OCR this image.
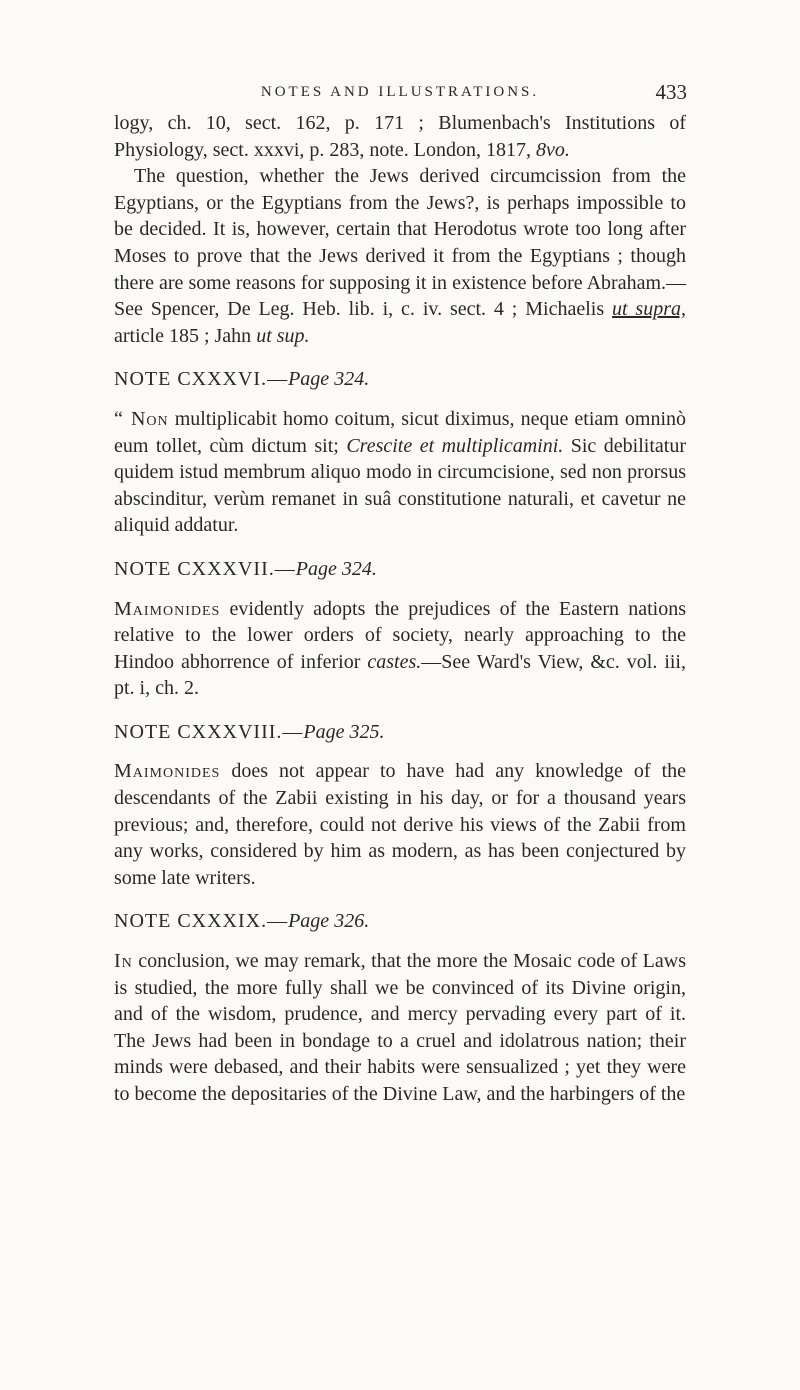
NOTES AND ILLUSTRATIONS.	433

logy, ch. 10, sect. 162, p. 171 ; Blumenbach's Institutions of Physiology, sect. xxxvi, p. 283, note. London, 1817, 8vo.

The question, whether the Jews derived circumcission from the Egyptians, or the Egyptians from the Jews?, is perhaps impossible to be decided. It is, however, certain that Herodotus wrote too long after Moses to prove that the Jews derived it from the Egyptians ; though there are some reasons for supposing it in existence before Abraham.—See Spencer, De Leg. Heb. lib. i, c. iv. sect. 4 ; Michaelis ut supra, article 185 ; Jahn ut sup.

NOTE CXXXVI.—Page 324.

“ Non multiplicabit homo coitum, sicut diximus, neque etiam omninò eum tollet, cùm dictum sit; Crescite et multiplicamini. Sic debilitatur quidem istud membrum aliquo modo in circumcisione, sed non prorsus abscinditur, verùm remanet in suâ constitutione naturali, et cavetur ne aliquid addatur.

NOTE CXXXVII.—Page 324.

Maimonides evidently adopts the prejudices of the Eastern nations relative to the lower orders of society, nearly approaching to the Hindoo abhorrence of inferior castes.—See Ward's View, &c. vol. iii, pt. i, ch. 2.

NOTE CXXXVIII.—Page 325.

Maimonides does not appear to have had any knowledge of the descendants of the Zabii existing in his day, or for a thousand years previous; and, therefore, could not derive his views of the Zabii from any works, considered by him as modern, as has been conjectured by some late writers.

NOTE CXXXIX.—Page 326.

In conclusion, we may remark, that the more the Mosaic code of Laws is studied, the more fully shall we be convinced of its Divine origin, and of the wisdom, prudence, and mercy pervading every part of it. The Jews had been in bondage to a cruel and idolatrous nation; their minds were debased, and their habits were sensualized ; yet they were to become the depositaries of the Divine Law, and the harbingers of the
